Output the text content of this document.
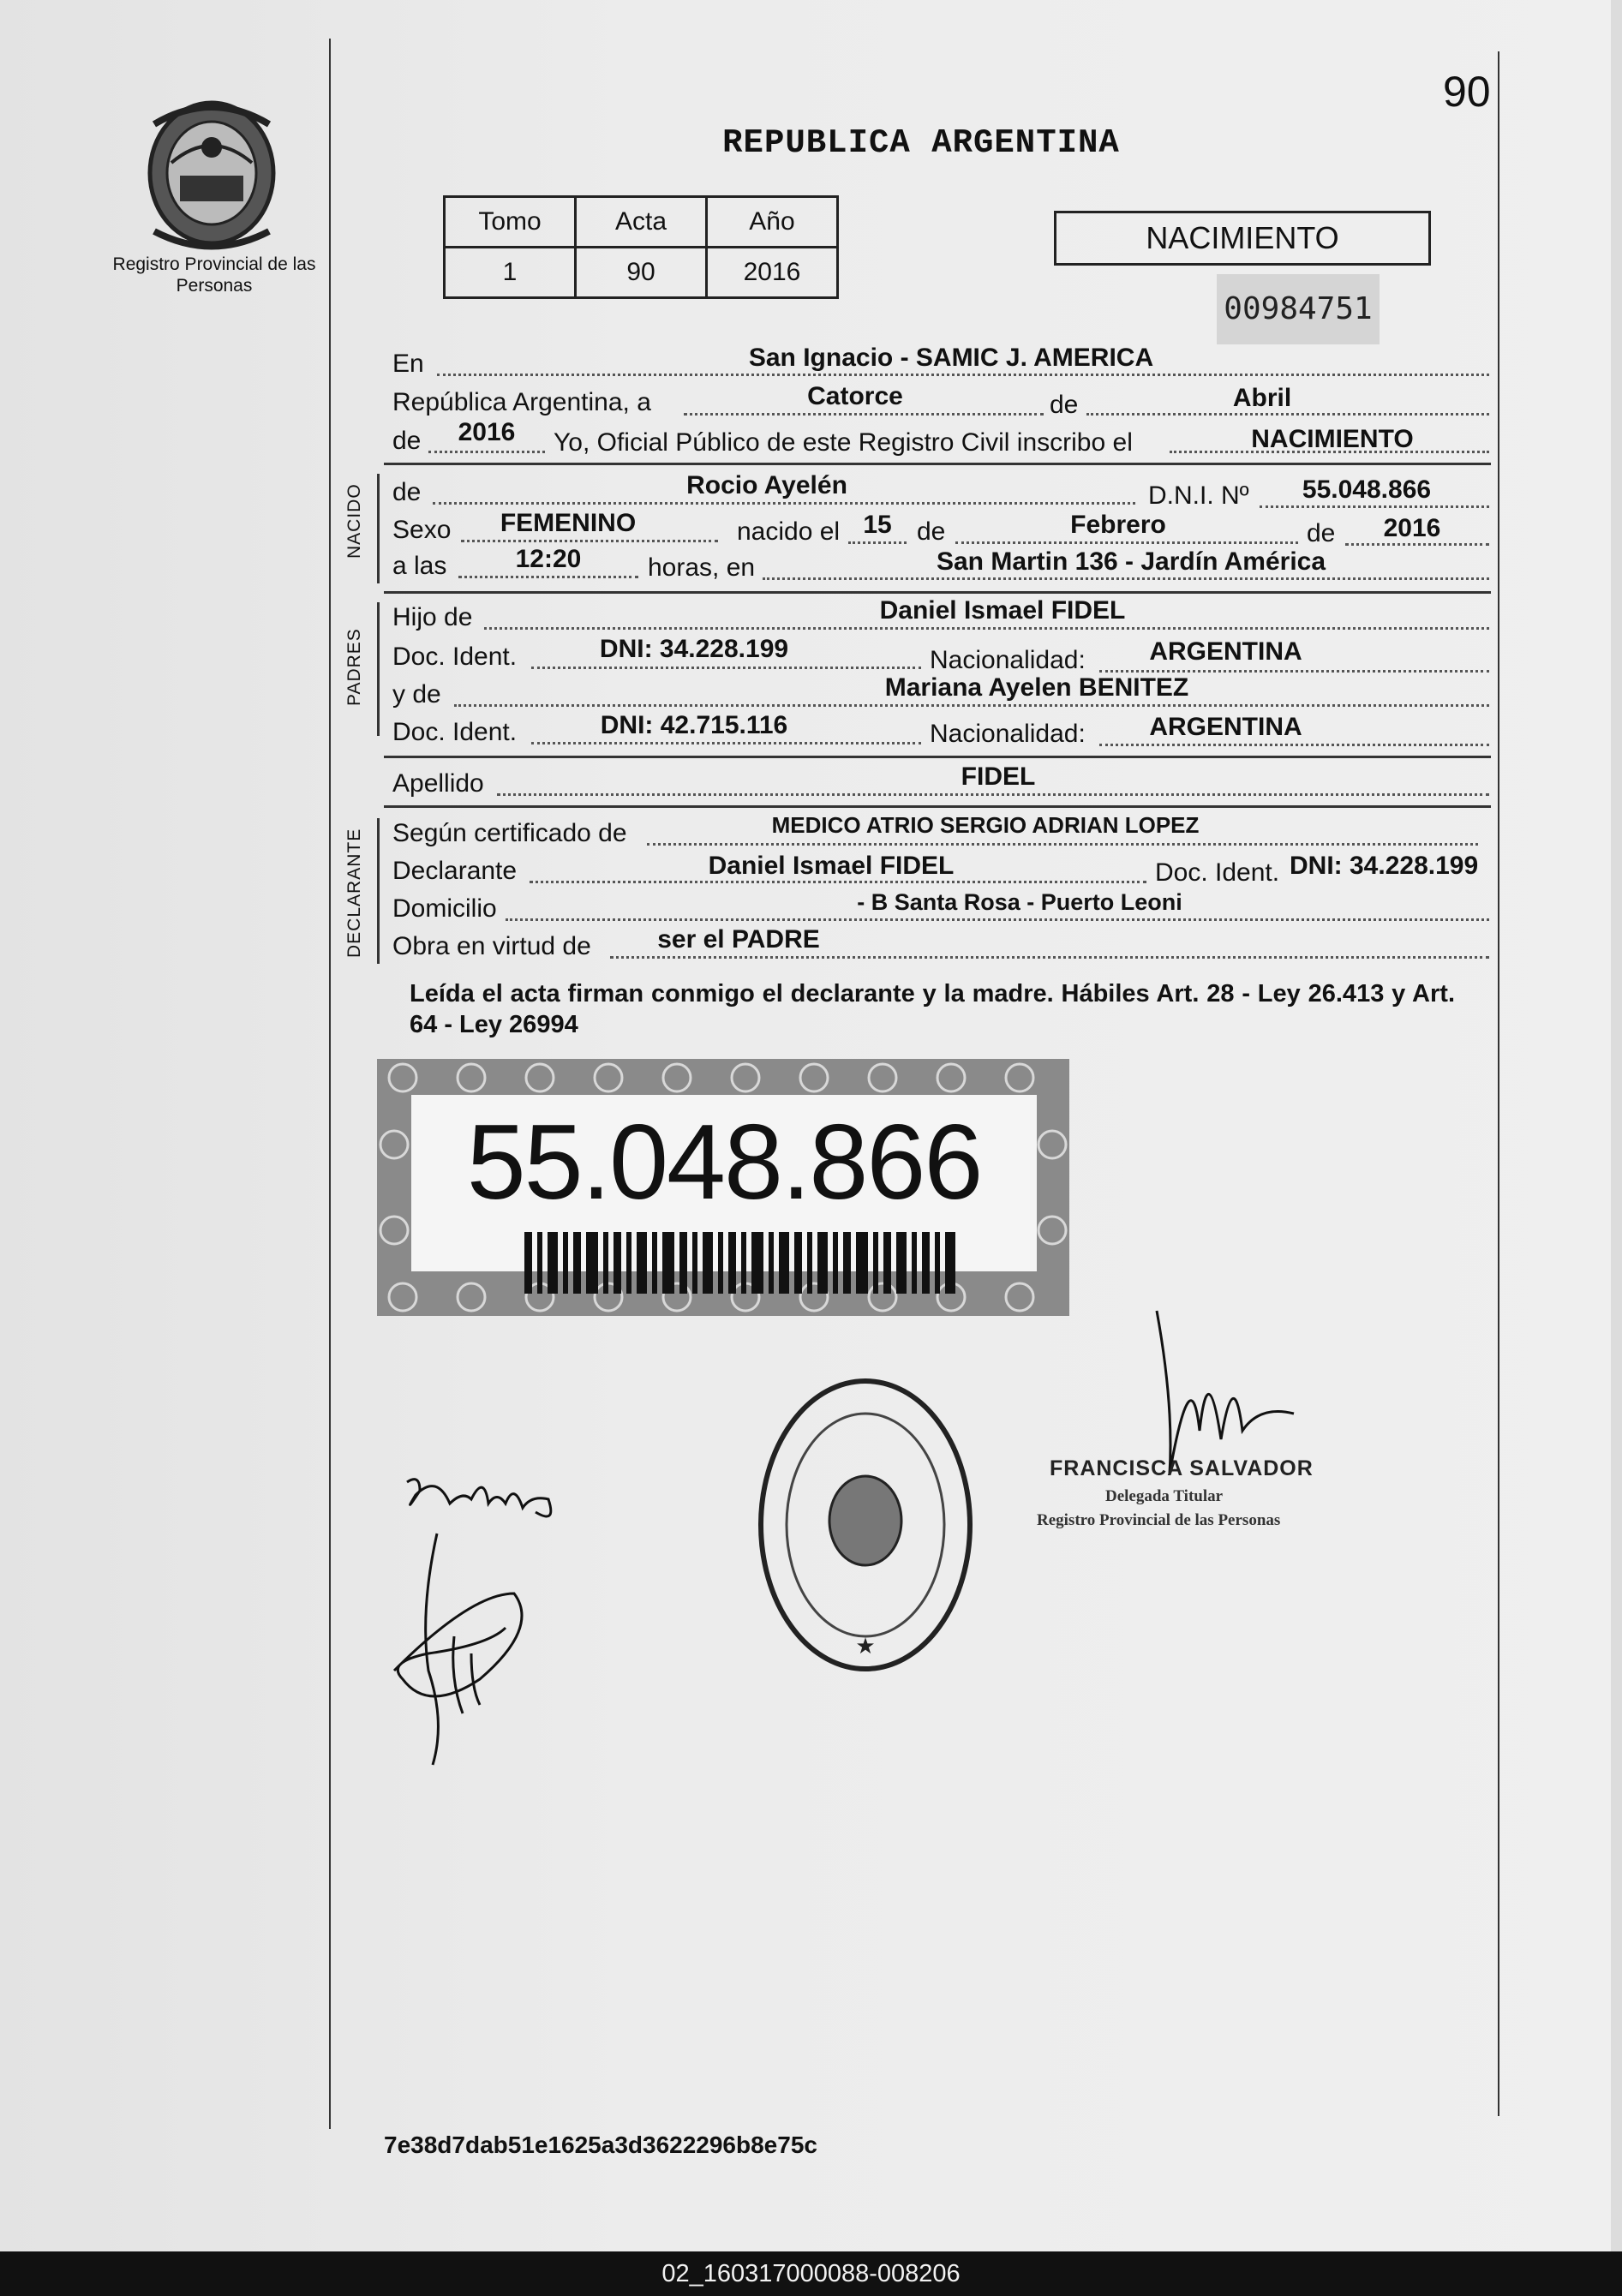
Registro Provincial de las Personas
90
REPUBLICA ARGENTINA
Tomo	Acta	Año
1	90	2016
NACIMIENTO
00984751
En	San Ignacio - SAMIC J. AMERICA
República Argentina, a	Catorce	de	Abril
de	2016	Yo, Oficial Público de este Registro Civil inscribo el	NACIMIENTO
NACIDO de	Rocio Ayelén	D.N.I. Nº	55.048.866
Sexo	FEMENINO	nacido el 15 de	Febrero	de	2016
a las	12:20	horas, en	San Martin 136 - Jardín América
PADRES
Hijo de	Daniel Ismael FIDEL
Doc. Ident.	DNI: 34.228.199	Nacionalidad:	ARGENTINA
y de	Mariana Ayelen BENITEZ
Doc. Ident.	DNI: 42.715.116	Nacionalidad:	ARGENTINA
Apellido	FIDEL
DECLARANTE Según certificado de	MEDICO ATRIO SERGIO ADRIAN LOPEZ
Declarante	Daniel Ismael FIDEL	Doc. Ident. DNI: 34.228.199
Domicilio	- B Santa Rosa - Puerto Leoni
Obra en virtud de	ser el PADRE
Leída el acta firman conmigo el declarante y la madre. Hábiles Art. 28 - Ley 26.413 y Art. 64 - Ley 26994
55.048.866
★
FRANCISCA SALVADOR
Delegada Titular
Registro Provincial de las Personas
7e38d7dab51e1625a3d3622296b8e75c
02_160317000088-008206
